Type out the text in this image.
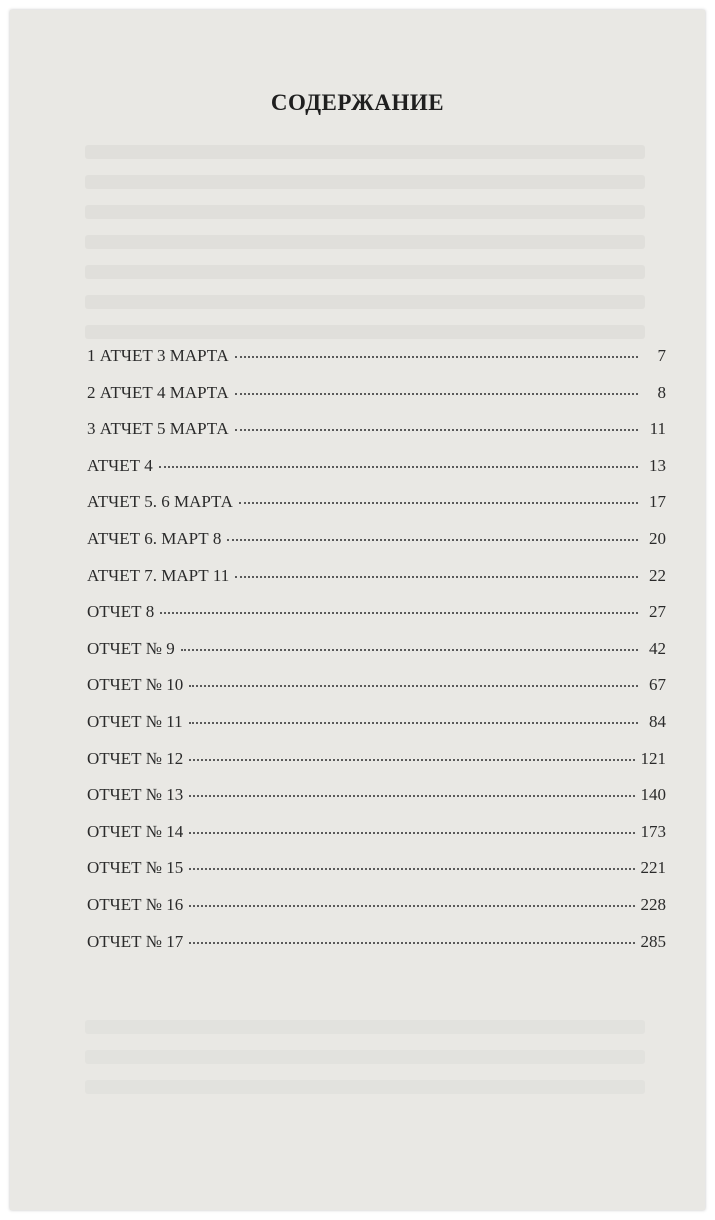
СОДЕРЖАНИЕ
1 АТЧЕТ 3 МАРТА	7
2 АТЧЕТ 4 МАРТА	8
3 АТЧЕТ 5 МАРТА	11
АТЧЕТ 4	13
АТЧЕТ 5. 6 МАРТА	17
АТЧЕТ 6. МАРТ 8	20
АТЧЕТ 7. МАРТ 11	22
ОТЧЕТ 8	27
ОТЧЕТ № 9	42
ОТЧЕТ № 10	67
ОТЧЕТ № 11	84
ОТЧЕТ № 12	121
ОТЧЕТ № 13	140
ОТЧЕТ № 14	173
ОТЧЕТ № 15	221
ОТЧЕТ № 16	228
ОТЧЕТ № 17	285
